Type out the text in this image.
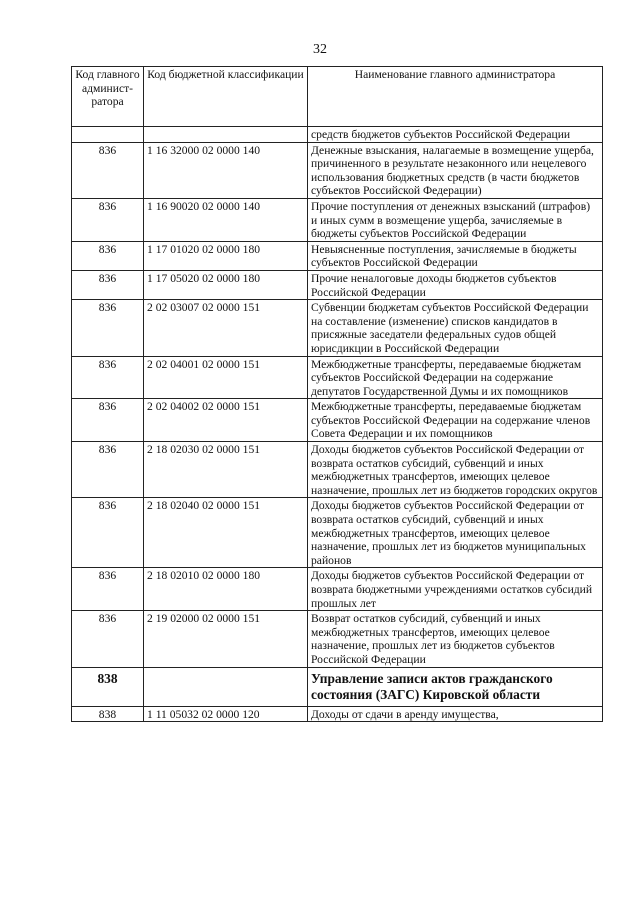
32
Код главного админист-ратора	Код бюджетной классификации	Наименование главного администратора
		средств бюджетов субъектов Российской Федерации
836	1 16 32000 02 0000 140	Денежные взыскания, налагаемые в возмещение ущерба, причиненного в результате незаконного или нецелевого использования бюджетных средств (в части бюджетов субъектов Российской Федерации)
836	1 16 90020 02 0000 140	Прочие поступления от денежных взысканий (штрафов) и иных сумм в возмещение ущерба, зачисляемые в бюджеты субъектов Российской Федерации
836	1 17 01020 02 0000 180	Невыясненные поступления, зачисляемые в бюджеты субъектов Российской Федерации
836	1 17 05020 02 0000 180	Прочие неналоговые доходы бюджетов субъектов Российской Федерации
836	2 02 03007 02 0000 151	Субвенции бюджетам субъектов Российской Федерации на составление (изменение) списков кандидатов в присяжные заседатели федеральных судов общей юрисдикции в Российской Федерации
836	2 02 04001 02 0000 151	Межбюджетные трансферты, передаваемые бюджетам субъектов Российской Федерации на содержание депутатов Государственной Думы и их помощников
836	2 02 04002 02 0000 151	Межбюджетные трансферты, передаваемые бюджетам субъектов Российской Федерации на содержание членов Совета Федерации и их помощников
836	2 18 02030 02 0000 151	Доходы бюджетов субъектов Российской Федерации от возврата остатков субсидий, субвенций и иных межбюджетных трансфертов, имеющих целевое назначение, прошлых лет из бюджетов городских округов
836	2 18 02040 02 0000 151	Доходы бюджетов субъектов Российской Федерации от возврата остатков субсидий, субвенций и иных межбюджетных трансфертов, имеющих целевое назначение, прошлых лет из бюджетов муниципальных районов
836	2 18 02010 02 0000 180	Доходы бюджетов субъектов Российской Федерации от возврата бюджетными учреждениями остатков субсидий прошлых лет
836	2 19 02000 02 0000 151	Возврат остатков субсидий, субвенций и иных межбюджетных трансфертов, имеющих целевое назначение, прошлых лет из бюджетов субъектов Российской Федерации
838		Управление записи актов гражданского состояния (ЗАГС) Кировской области
838	1 11 05032 02 0000 120	Доходы от сдачи в аренду имущества,
